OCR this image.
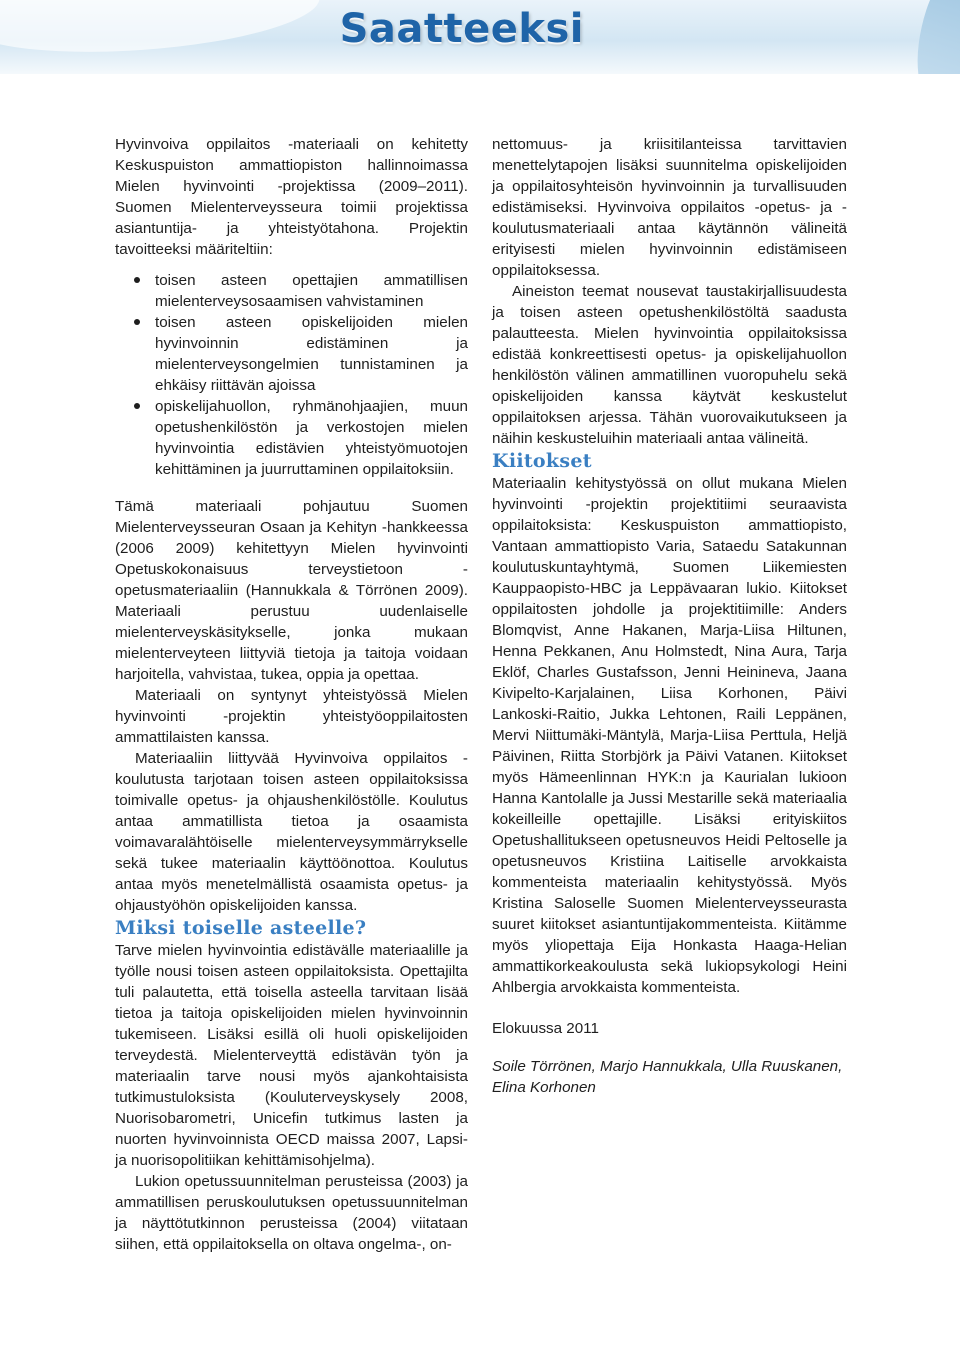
Saatteeksi

Hyvinvoiva oppilaitos -materiaali on kehitetty Keskuspuiston ammattiopiston hallinnoimassa Mielen hyvinvointi -projektissa (2009–2011). Suomen Mielenterveysseura toimii projektissa asiantuntija- ja yhteistyötahona. Projektin tavoitteeksi määriteltiin:

toisen asteen opettajien ammatillisen mielenterveysosaamisen vahvistaminen
toisen asteen opiskelijoiden mielen hyvinvoinnin edistäminen ja mielenterveysongelmien tunnistaminen ja ehkäisy riittävän ajoissa
opiskelijahuollon, ryhmänohjaajien, muun opetushenkilöstön ja verkostojen mielen hyvinvointia edistävien yhteistyömuotojen kehittäminen ja juurruttaminen oppilaitoksiin.

Tämä materiaali pohjautuu Suomen Mielenterveysseuran Osaan ja Kehityn -hankkeessa (2006 2009) kehitettyyn Mielen hyvinvointi Opetuskokonaisuus terveystietoon -opetusmateriaaliin (Hannukkala & Törrönen 2009). Materiaali perustuu uudenlaiselle mielenterveyskäsitykselle, jonka mukaan mielenterveyteen liittyviä tietoja ja taitoja voidaan harjoitella, vahvistaa, tukea, oppia ja opettaa.

Materiaali on syntynyt yhteistyössä Mielen hyvinvointi -projektin yhteistyöoppilaitosten ammattilaisten kanssa.

Materiaaliin liittyvää Hyvinvoiva oppilaitos -koulutusta tarjotaan toisen asteen oppilaitoksissa toimivalle opetus- ja ohjaushenkilöstölle. Koulutus antaa ammatillista tietoa ja osaamista voimavaralähtöiselle mielenterveysymmärrykselle sekä tukee materiaalin käyttöönottoa. Koulutus antaa myös menetelmällistä osaamista opetus- ja ohjaustyöhön opiskelijoiden kanssa.

Miksi toiselle asteelle?

Tarve mielen hyvinvointia edistävälle materiaalille ja työlle nousi toisen asteen oppilaitoksista. Opettajilta tuli palautetta, että toisella asteella tarvitaan lisää tietoa ja taitoja opiskelijoiden mielen hyvinvoinnin tukemiseen. Lisäksi esillä oli huoli opiskelijoiden terveydestä. Mielenterveyttä edistävän työn ja materiaalin tarve nousi myös ajankohtaisista tutkimustuloksista (Kouluterveyskysely 2008, Nuorisobarometri, Unicefin tutkimus lasten ja nuorten hyvinvoinnista OECD maissa 2007, Lapsi- ja nuorisopolitiikan kehittämisohjelma).

Lukion opetussuunnitelman perusteissa (2003) ja ammatillisen peruskoulutuksen opetussuunnitelman ja näyttötutkinnon perusteissa (2004) viitataan siihen, että oppilaitoksella on oltava ongelma-, on-

nettomuus- ja kriisitilanteissa tarvittavien menettelytapojen lisäksi suunnitelma opiskelijoiden ja oppilaitosyhteisön hyvinvoinnin ja turvallisuuden edistämiseksi. Hyvinvoiva oppilaitos -opetus- ja -koulutusmateriaali antaa käytännön välineitä erityisesti mielen hyvinvoinnin edistämiseen oppilaitoksessa.

Aineiston teemat nousevat taustakirjallisuudesta ja toisen asteen opetushenkilöstöltä saadusta palautteesta. Mielen hyvinvointia oppilaitoksissa edistää konkreettisesti opetus- ja opiskelijahuollon henkilöstön välinen ammatillinen vuoropuhelu sekä opiskelijoiden kanssa käytvät keskustelut oppilaitoksen arjessa. Tähän vuorovaikutukseen ja näihin keskusteluihin materiaali antaa välineitä.

Kiitokset

Materiaalin kehitystyössä on ollut mukana Mielen hyvinvointi -projektin projektitiimi seuraavista oppilaitoksista: Keskuspuiston ammattiopisto, Vantaan ammattiopisto Varia, Sataedu Satakunnan koulutuskuntayhtymä, Suomen Liikemiesten Kauppaopisto-HBC ja Leppävaaran lukio. Kiitokset oppilaitosten johdolle ja projektitiimille: Anders Blomqvist, Anne Hakanen, Marja-Liisa Hiltunen, Henna Pekkanen, Anu Holmstedt, Nina Aura, Tarja Eklöf, Charles Gustafsson, Jenni Heinineva, Jaana Kivipelto-Karjalainen, Liisa Korhonen, Päivi Lankoski-Raitio, Jukka Lehtonen, Raili Leppänen, Mervi Niittumäki-Mäntylä, Marja-Liisa Perttula, Heljä Päivinen, Riitta Storbjörk ja Päivi Vatanen. Kiitokset myös Hämeenlinnan HYK:n ja Kaurialan lukioon Hanna Kantolalle ja Jussi Mestarille sekä materiaalia kokeilleille opettajille. Lisäksi erityiskiitos Opetushallitukseen opetusneuvos Heidi Peltoselle ja opetusneuvos Kristiina Laitiselle arvokkaista kommenteista materiaalin kehitystyössä. Myös Kristina Saloselle Suomen Mielenterveysseurasta suuret kiitokset asiantuntijakommenteista. Kiitämme myös yliopettaja Eija Honkasta Haaga-Helian ammattikorkeakoulusta sekä lukiopsykologi Heini Ahlbergia arvokkaista kommenteista.

Elokuussa 2011

Soile Törrönen, Marjo Hannukkala, Ulla Ruuskanen, Elina Korhonen
